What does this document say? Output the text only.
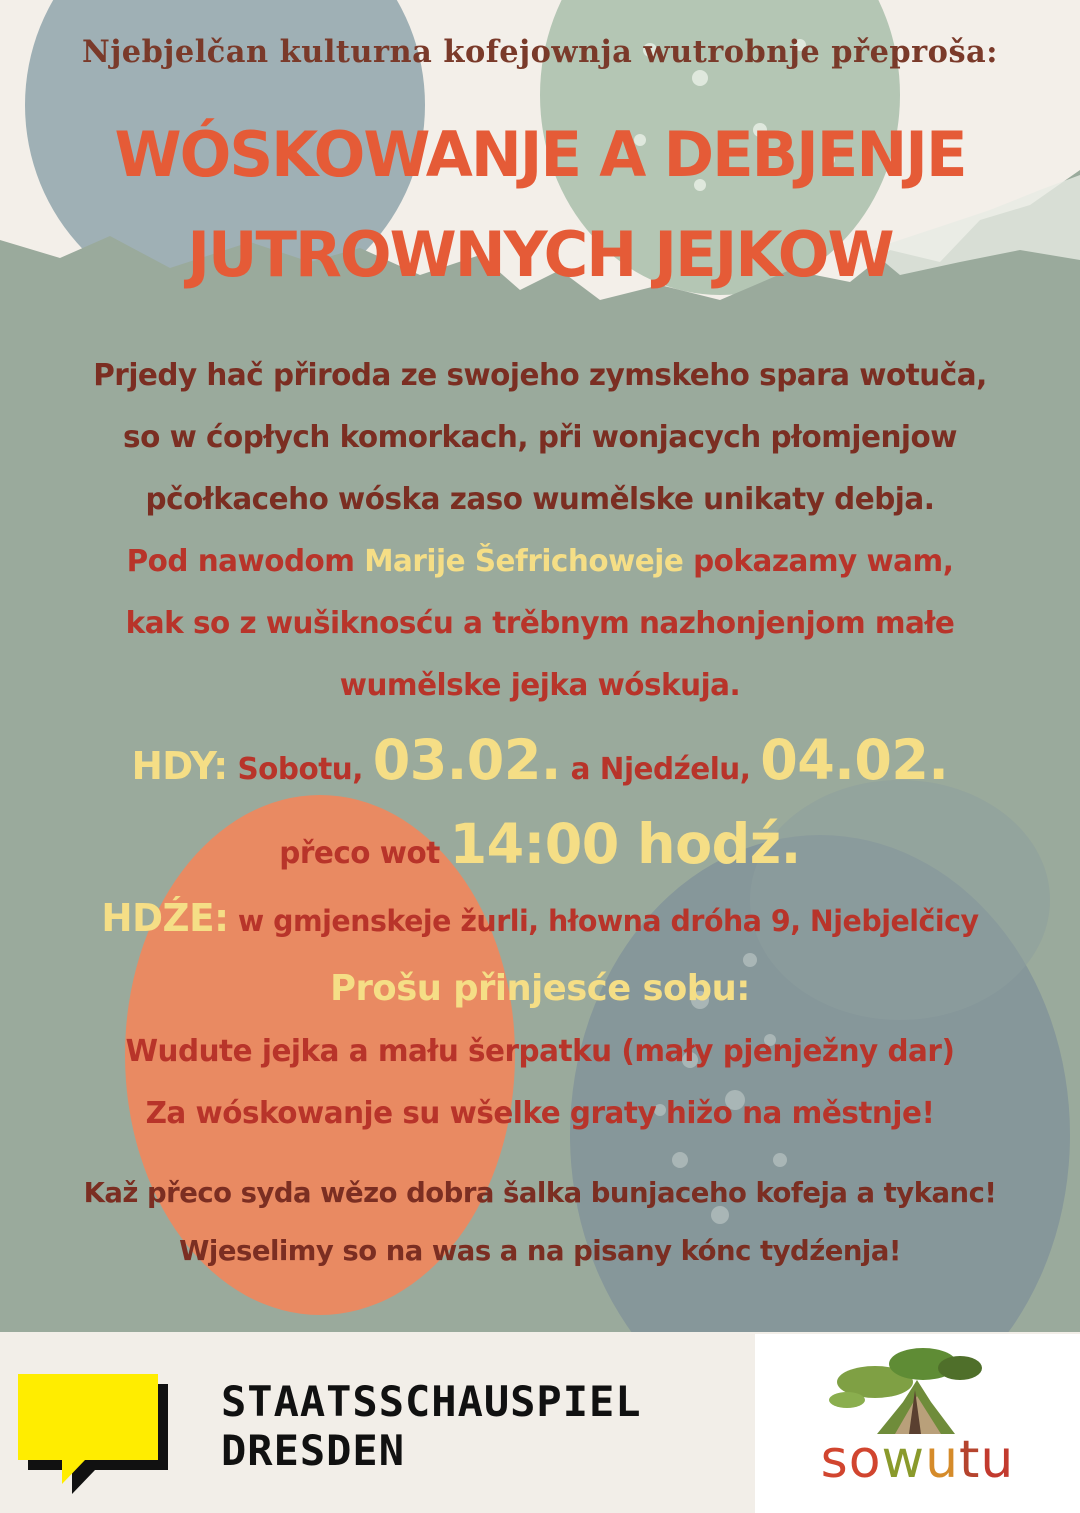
Njebjelčan kulturna kofejownja wutrobnje přeproša:
WÓSKOWANJE A DEBJENJE
JUTROWNYCH JEJKOW
Prjedy hač přiroda ze swojeho zymskeho spara wotuča,
so w ćopłych komorkach, při wonjacych płomjenjow
pčołkaceho wóska zaso wumělske unikaty debja.
Pod nawodom Marije Šefrichoweje pokazamy wam,
kak so z wušiknosću a trěbnym nazhonjenjom małe
wumělske jejka wóskuja.
HDY: Sobotu, 03.02. a Njedźelu, 04.02.
přeco wot 14:00 hodź.
HDŹE: w gmjenskeje žurli, hłowna dróha 9, Njebjelčicy
Prošu přinjesće sobu:
Wudute jejka a mału šerpatku (mały pjenježny dar)
Za wóskowanje su wšelke graty hižo na městnje!
Kaž přeco syda wězo dobra šalka bunjaceho kofeja a tykanc!
Wjeselimy so na was a na pisany kónc tydźenja!
STAATSSCHAUSPIEL
DRESDEN	sowutu
